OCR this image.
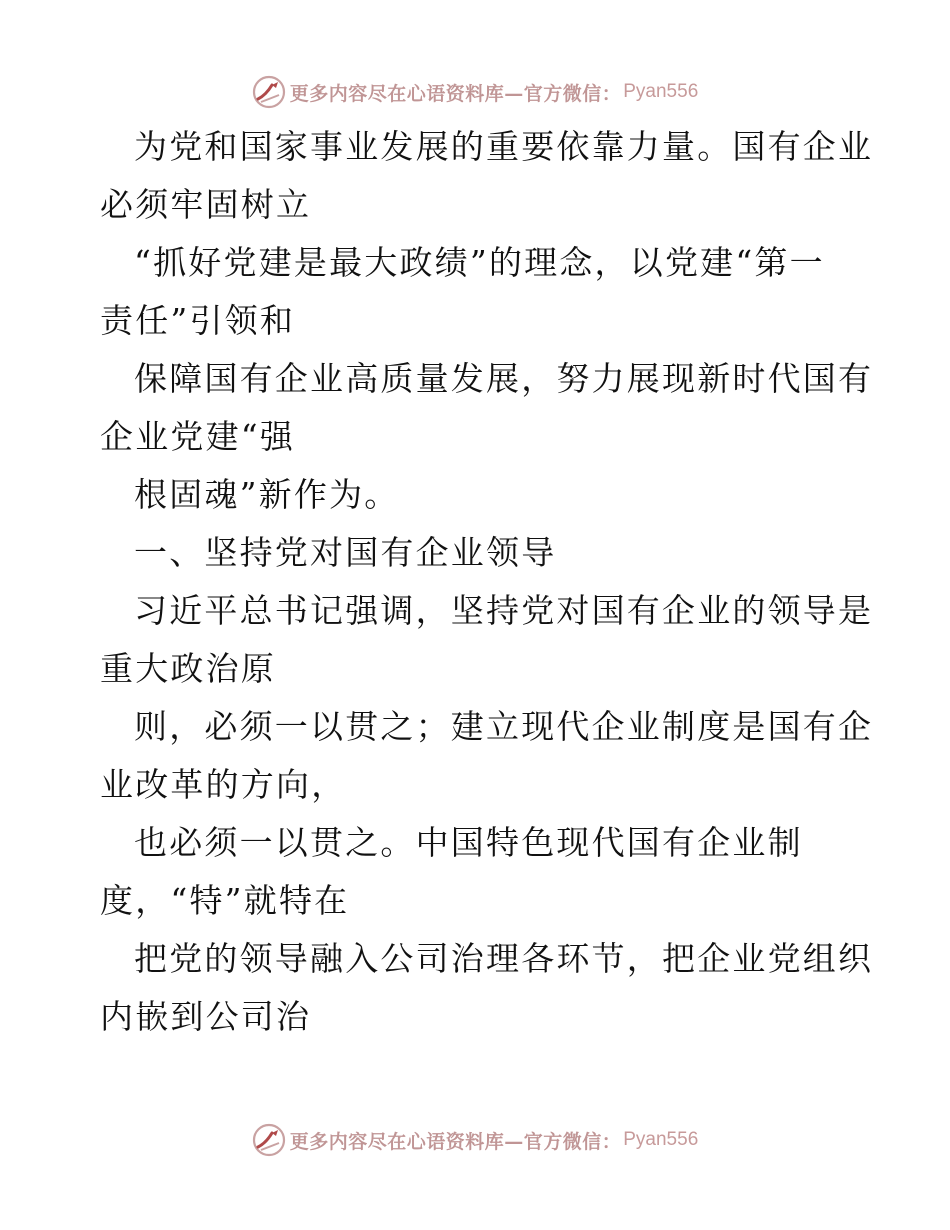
更多内容尽在心语资料库—官方微信： Pyan556

为党和国家事业发展的重要依靠力量。国有企业
必须牢固树立

“抓好党建是最大政绩”的理念，以党建“第一
责任”引领和

保障国有企业高质量发展，努力展现新时代国有
企业党建“强

根固魂”新作为。

一、坚持党对国有企业领导

习近平总书记强调，坚持党对国有企业的领导是
重大政治原

则，必须一以贯之；建立现代企业制度是国有企
业改革的方向，

也必须一以贯之。中国特色现代国有企业制
度，“特”就特在

把党的领导融入公司治理各环节，把企业党组织
内嵌到公司治

更多内容尽在心语资料库—官方微信： Pyan556
